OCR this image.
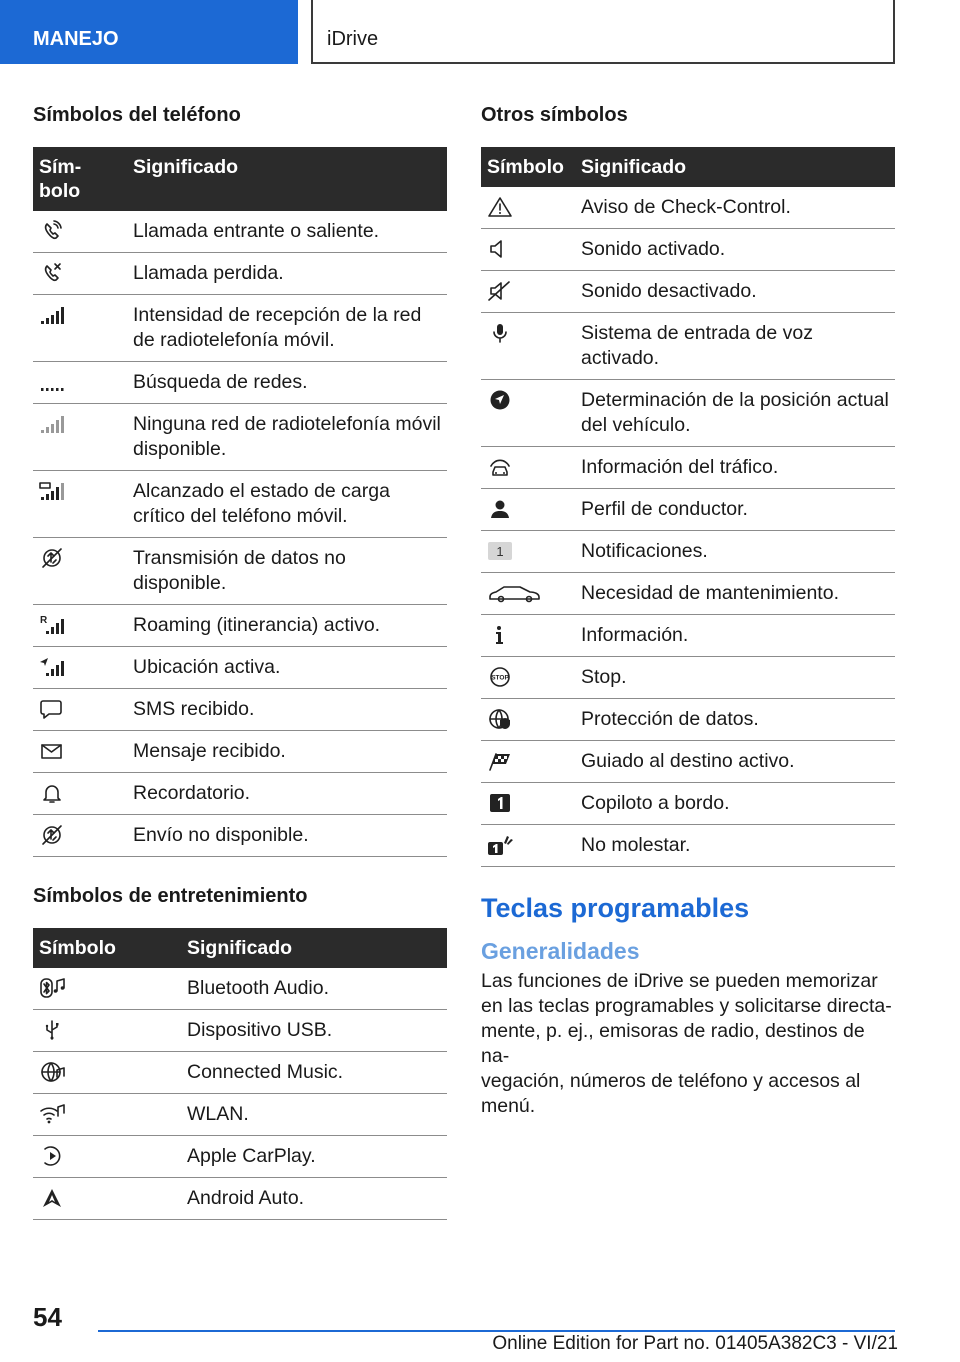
MANEJO	iDrive
Símbolos del teléfono
Sím-
bolo	Significado

	Llamada entrante o saliente.

	Llamada perdida.

	Intensidad de recepción de la red de radiotelefonía móvil.

	Búsqueda de redes.

	Ninguna red de radiotelefonía móvil disponible.

	Alcanzado el estado de carga crítico del teléfono móvil.

	Transmisión de datos no disponible.

R	Roaming (itinerancia) activo.

	Ubicación activa.

	SMS recibido.

	Mensaje recibido.

	Recordatorio.

	Envío no disponible.
Símbolos de entretenimiento
Símbolo	Significado

	Bluetooth Audio.

	Dispositivo USB.

	Connected Music.

	WLAN.

	Apple CarPlay.

	Android Auto.
Otros símbolos
Símbolo	Significado

	Aviso de Check-Control.

	Sonido activado.

	Sonido desactivado.

	Sistema de entrada de voz activado.

	Determinación de la posición actual del vehículo.

	Información del tráfico.

	Perfil de conductor.

1	Notificaciones.

	Necesidad de mantenimiento.

	Información.

STOP	Stop.

	Protección de datos.

	Guiado al destino activo.

	Copiloto a bordo.

	No molestar.
Teclas programables
Generalidades

Las funciones de iDrive se pueden memorizar en las teclas programables y solicitarse directa-
mente, p. ej., emisoras de radio, destinos de na-
vegación, números de teléfono y accesos al menú.

54
Online Edition for Part no. 01405A382C3 - VI/21
